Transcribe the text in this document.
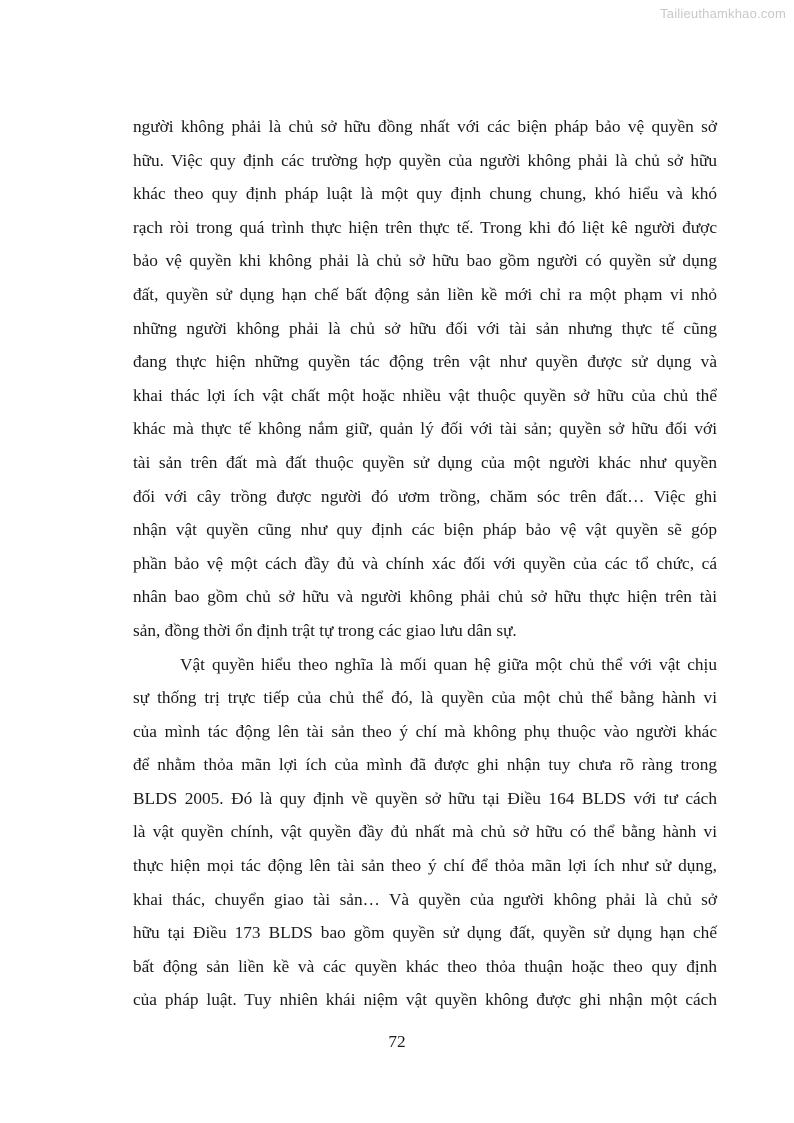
Tailieuthamkhao.com
người không phải là chủ sở hữu đồng nhất với các biện pháp bảo vệ quyền sở
hữu. Việc quy định các trường hợp quyền của người không phải là chủ sở hữu
khác theo quy định pháp luật là một quy định chung chung, khó hiểu và khó
rạch ròi trong quá trình thực hiện trên thực tế. Trong khi đó liệt kê người được
bảo vệ quyền khi không phải là chủ sở hữu bao gồm người có quyền sử dụng
đất, quyền sử dụng hạn chế bất động sản liền kề mới chỉ ra một phạm vi nhỏ
những người không phải là chủ sở hữu đối với tài sản nhưng thực tế cũng
đang thực hiện những quyền tác động trên vật như quyền được sử dụng và
khai thác lợi ích vật chất một hoặc nhiều vật thuộc quyền sở hữu của chủ thể
khác mà thực tế không nắm giữ, quản lý đối với tài sản; quyền sở hữu đối với
tài sản trên đất mà đất thuộc quyền sử dụng của một người khác như quyền
đối với cây trồng được người đó ươm trồng, chăm sóc trên đất… Việc ghi
nhận vật quyền cũng như quy định các biện pháp bảo vệ vật quyền sẽ góp
phần bảo vệ một cách đầy đủ và chính xác đối với quyền của các tổ chức, cá
nhân bao gồm chủ sở hữu và người không phải chủ sở hữu thực hiện trên tài
sản, đồng thời ổn định trật tự trong các giao lưu dân sự.
Vật quyền hiểu theo nghĩa là mối quan hệ giữa một chủ thể với vật chịu
sự thống trị trực tiếp của chủ thể đó, là quyền của một chủ thể bằng hành vi
của mình tác động lên tài sản theo ý chí mà không phụ thuộc vào người khác
để nhằm thỏa mãn lợi ích của mình đã được ghi nhận tuy chưa rõ ràng trong
BLDS 2005. Đó là quy định về quyền sở hữu tại Điều 164 BLDS với tư cách
là vật quyền chính, vật quyền đầy đủ nhất mà chủ sở hữu có thể bằng hành vi
thực hiện mọi tác động lên tài sản theo ý chí để thỏa mãn lợi ích như sử dụng,
khai thác, chuyển giao tài sản… Và quyền của người không phải là chủ sở
hữu tại Điều 173 BLDS bao gồm quyền sử dụng đất, quyền sử dụng hạn chế
bất động sản liền kề và các quyền khác theo thỏa thuận hoặc theo quy định
của pháp luật. Tuy nhiên khái niệm vật quyền không được ghi nhận một cách
72
